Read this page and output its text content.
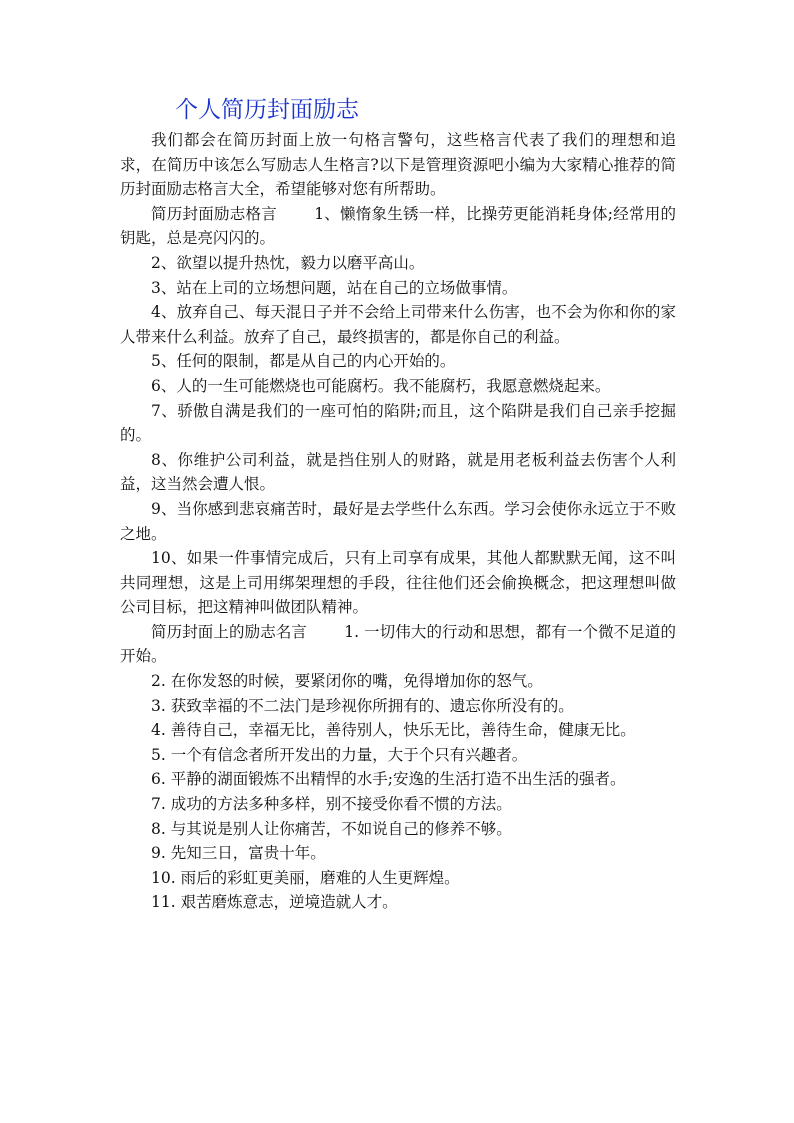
个人简历封面励志

我们都会在简历封面上放一句格言警句，这些格言代表了我们的理想和追求，在简历中该怎么写励志人生格言?以下是管理资源吧小编为大家精心推荐的简历封面励志格言大全，希望能够对您有所帮助。

简历封面励志格言 1、懒惰象生锈一样，比操劳更能消耗身体;经常用的钥匙，总是亮闪闪的。

2、欲望以提升热忱，毅力以磨平高山。

3、站在上司的立场想问题，站在自己的立场做事情。

4、放弃自己、每天混日子并不会给上司带来什么伤害，也不会为你和你的家人带来什么利益。放弃了自己，最终损害的，都是你自己的利益。

5、任何的限制，都是从自己的内心开始的。

6、人的一生可能燃烧也可能腐朽。我不能腐朽，我愿意燃烧起来。

7、骄傲自满是我们的一座可怕的陷阱;而且，这个陷阱是我们自己亲手挖掘的。

8、你维护公司利益，就是挡住别人的财路，就是用老板利益去伤害个人利益，这当然会遭人恨。

9、当你感到悲哀痛苦时，最好是去学些什么东西。学习会使你永远立于不败之地。

10、如果一件事情完成后，只有上司享有成果，其他人都默默无闻，这不叫共同理想，这是上司用绑架理想的手段，往往他们还会偷换概念，把这理想叫做公司目标，把这精神叫做团队精神。

简历封面上的励志名言 1. 一切伟大的行动和思想，都有一个微不足道的开始。

2. 在你发怒的时候，要紧闭你的嘴，免得增加你的怒气。

3. 获致幸福的不二法门是珍视你所拥有的、遗忘你所没有的。

4. 善待自己，幸福无比，善待别人，快乐无比，善待生命，健康无比。

5. 一个有信念者所开发出的力量，大于个只有兴趣者。

6. 平静的湖面锻炼不出精悍的水手;安逸的生活打造不出生活的强者。

7. 成功的方法多种多样，别不接受你看不惯的方法。

8. 与其说是别人让你痛苦，不如说自己的修养不够。

9. 先知三日，富贵十年。

10. 雨后的彩虹更美丽，磨难的人生更辉煌。

11. 艰苦磨炼意志，逆境造就人才。
